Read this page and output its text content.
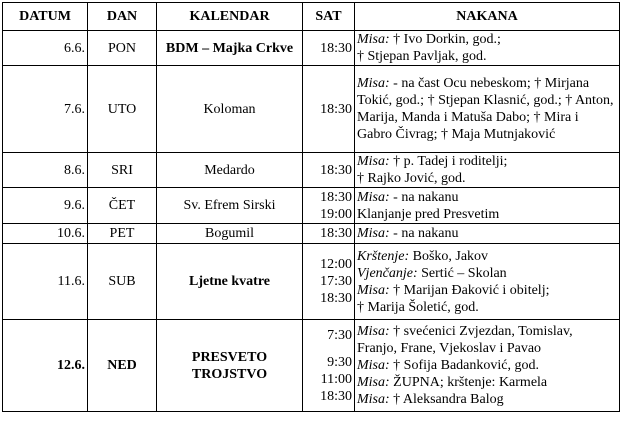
DATUM	DAN	KALENDAR	SAT	NAKANA
6.6.	PON	BDM – Majka Crkve	18:30	Misa: † Ivo Dorkin, god.;
† Stjepan Pavljak, god.

7.6.	UTO	Koloman	18:30	Misa: - na čast Ocu nebeskom; † Mirjana Tokić, god.; † Stjepan Klasnić, god.; † Anton, Marija, Manda i Matuša Dabo; † Mira i Gabro Čivrag; † Maja Mutnjaković

8.6.	SRI	Medardo	18:30	Misa: † p. Tadej i roditelji;
† Rajko Jović, god.

9.6.	ČET	Sv. Efrem Sirski	18:30
19:00	Misa: - na nakanu
Klanjanje pred Presvetim

10.6.	PET	Bogumil	18:30	Misa: - na nakanu

11.6.	SUB	Ljetne kvatre	12:00
17:30
18:30	Krštenje: Boško, Jakov
Vjenčanje: Sertić – Skolan
Misa: † Marijan Đaković i obitelj;
† Marija Šoletić, god.

12.6.	NED	PRESVETO TROJSTVO	7:30
9:30
11:00
18:30	Misa: † svećenici Zvjezdan, Tomislav,
Franjo, Frane, Vjekoslav i Pavao
Misa: † Sofija Badanković, god.
Misa: ŽUPNA; krštenje: Karmela
Misa: † Aleksandra Balog
